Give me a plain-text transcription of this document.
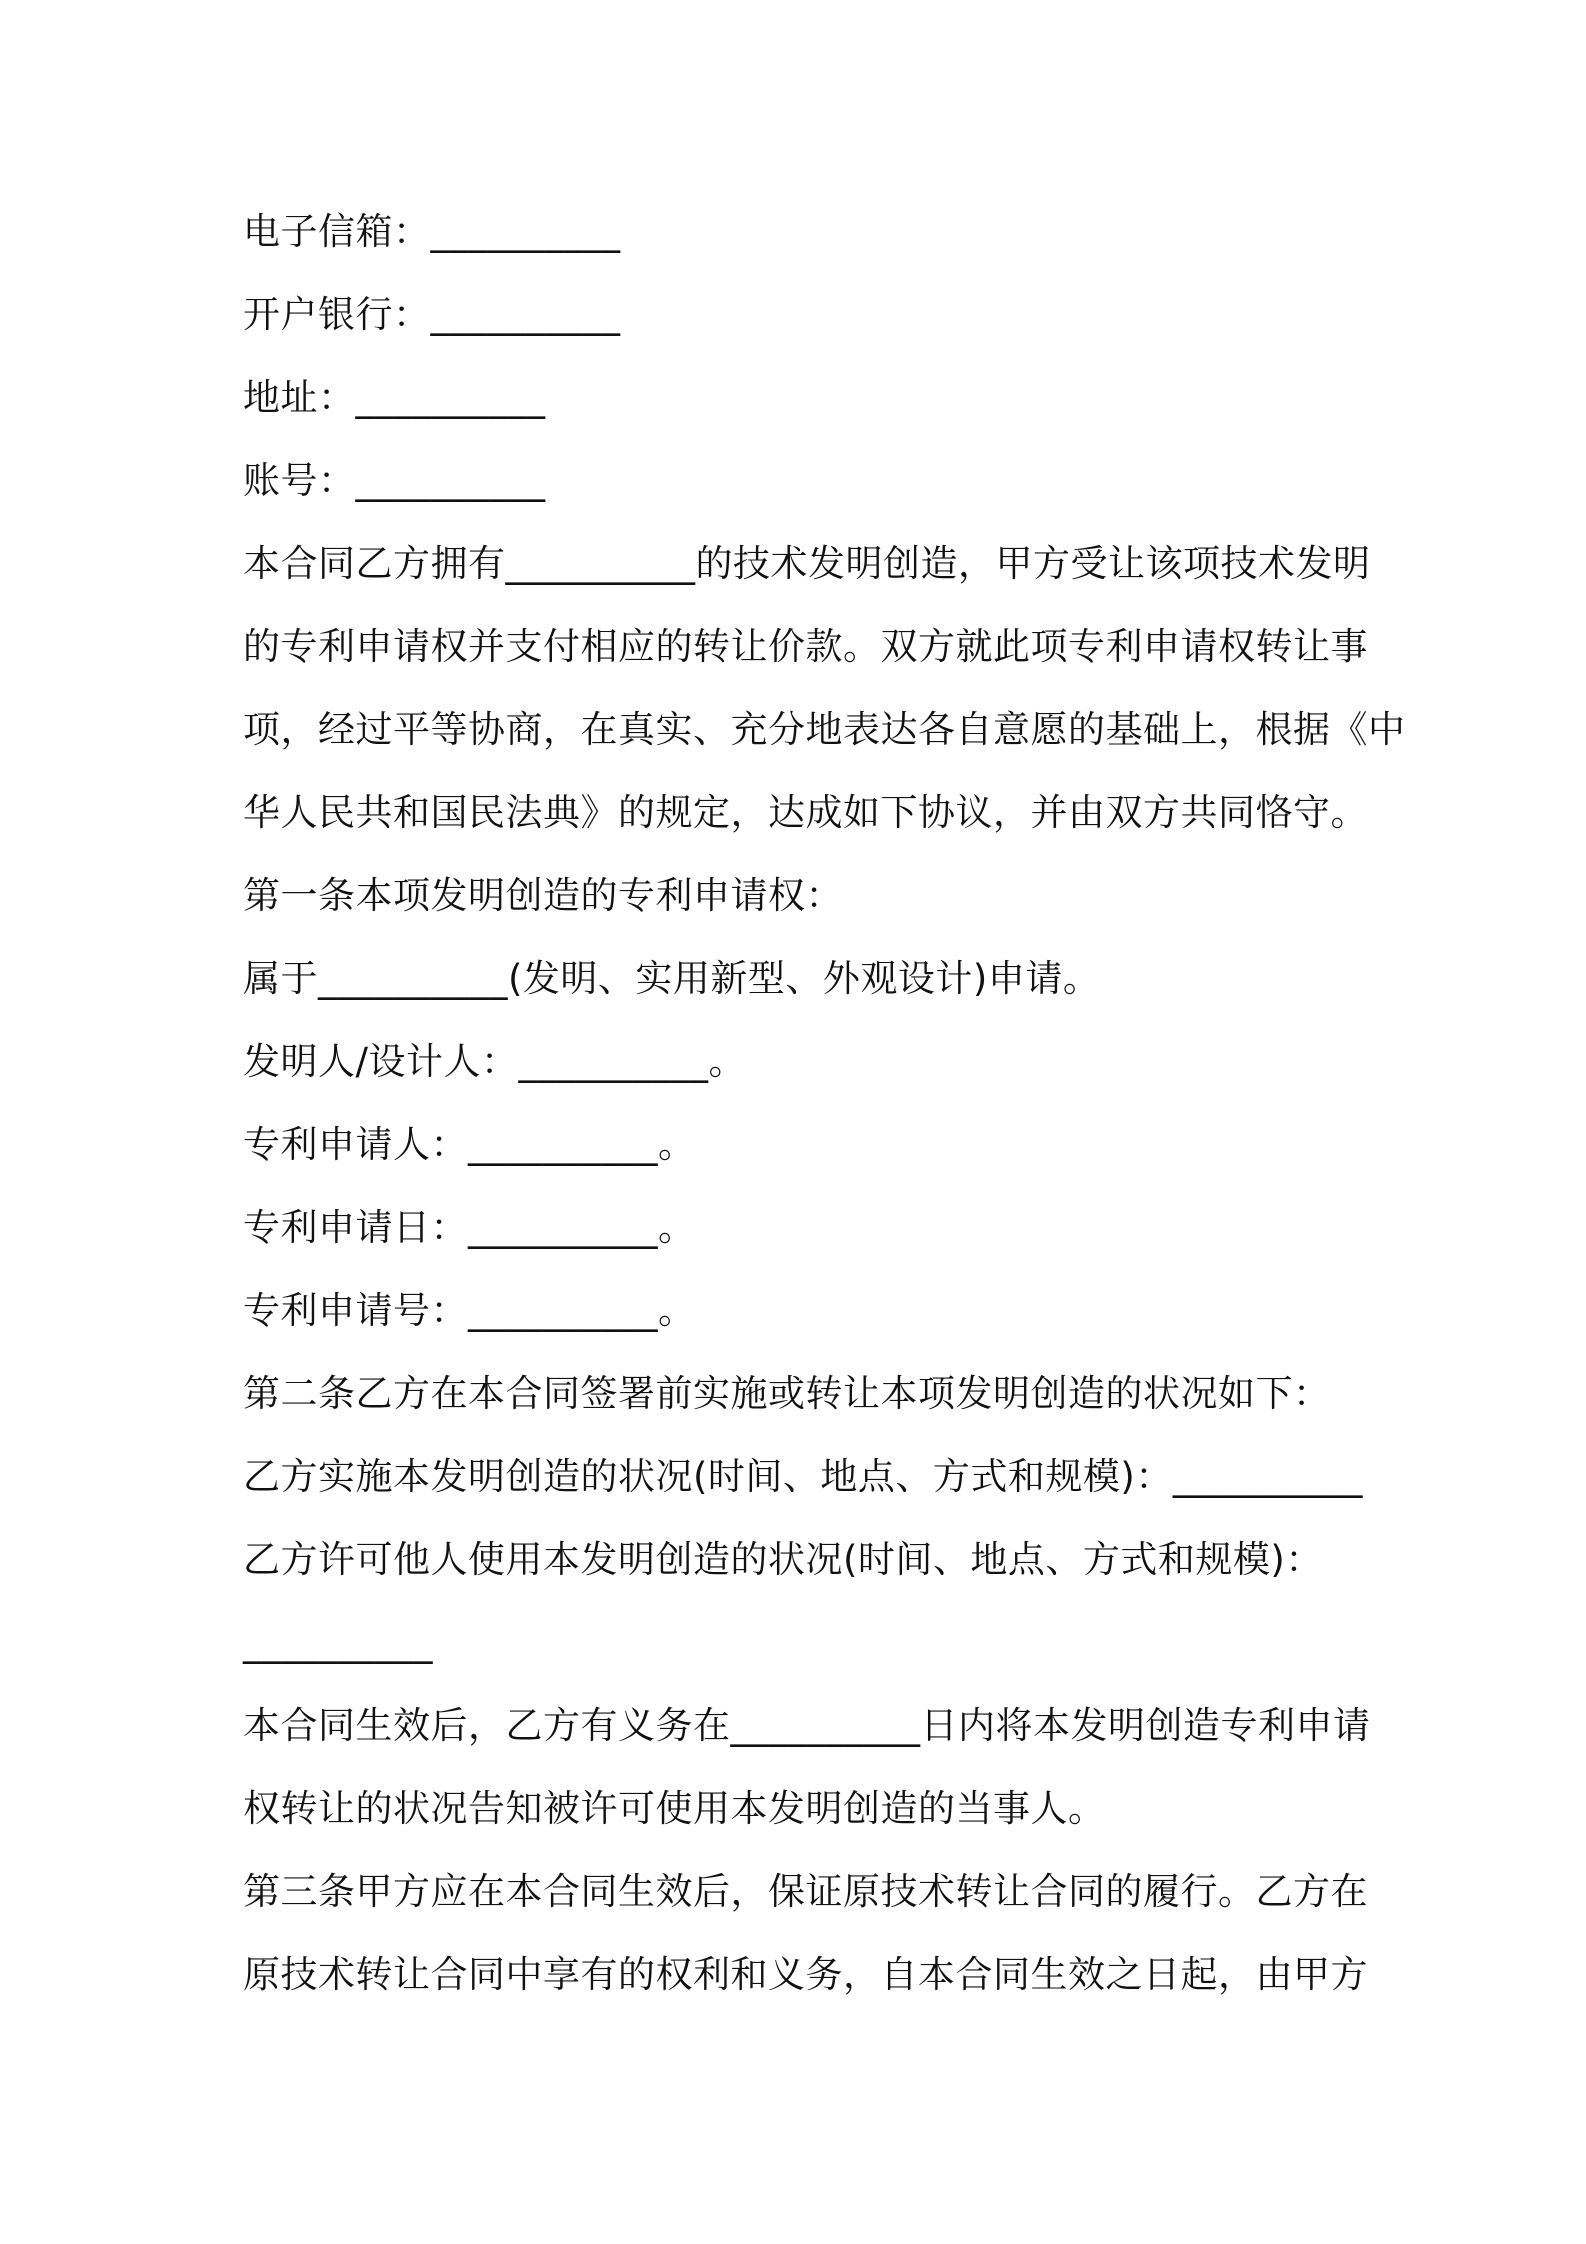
电子信箱：__________
开户银行：__________
地址：__________
账号：__________
本合同乙方拥有__________的技术发明创造，甲方受让该项技术发明
的专利申请权并支付相应的转让价款。双方就此项专利申请权转让事
项，经过平等协商，在真实、充分地表达各自意愿的基础上，根据《中
华人民共和国民法典》的规定，达成如下协议，并由双方共同恪守。
第一条本项发明创造的专利申请权：
属于__________(发明、实用新型、外观设计)申请。
发明人/设计人：__________。
专利申请人：__________。
专利申请日：__________。
专利申请号：__________。
第二条乙方在本合同签署前实施或转让本项发明创造的状况如下：
乙方实施本发明创造的状况(时间、地点、方式和规模)：__________
乙方许可他人使用本发明创造的状况(时间、地点、方式和规模)：
__________
本合同生效后，乙方有义务在__________日内将本发明创造专利申请
权转让的状况告知被许可使用本发明创造的当事人。
第三条甲方应在本合同生效后，保证原技术转让合同的履行。乙方在
原技术转让合同中享有的权利和义务，自本合同生效之日起，由甲方
